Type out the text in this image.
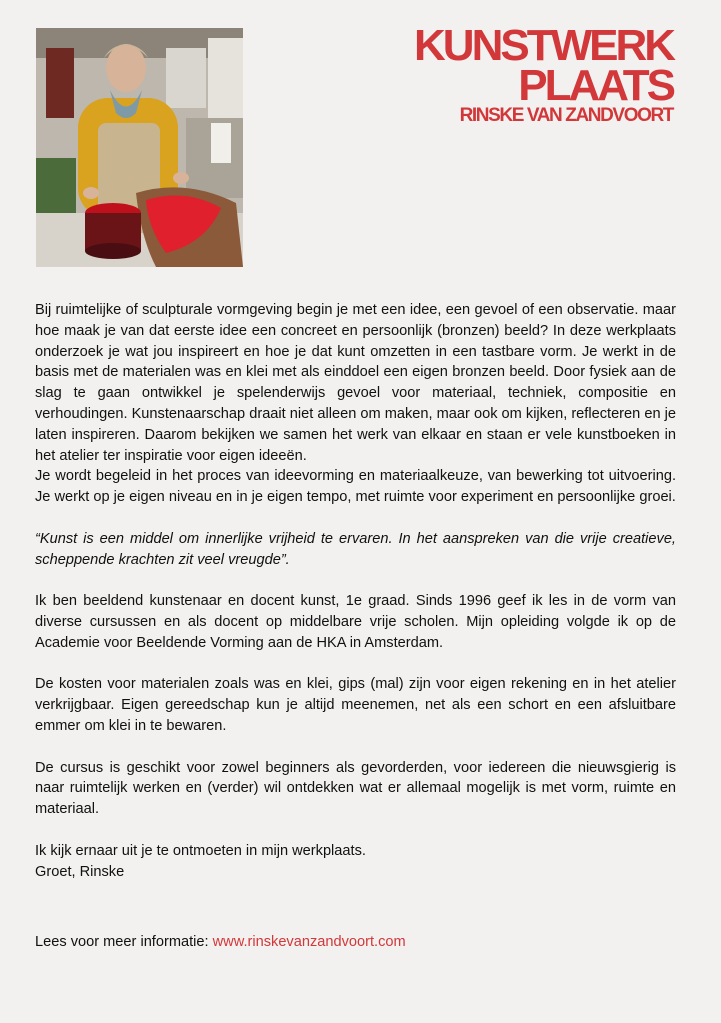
KUNSTWERK
PLAATS
RINSKE VAN ZANDVOORT

Bij ruimtelijke of sculpturale vormgeving begin je met een idee, een gevoel of een observatie. maar hoe maak je van dat eerste idee een concreet en persoonlijk (bronzen) beeld? In deze werkplaats onderzoek je wat jou inspireert en hoe je dat kunt omzetten in een tastbare vorm. Je werkt in de basis met de materialen was en klei met als einddoel een eigen bronzen beeld. Door fysiek aan de slag te gaan ontwikkel je spelenderwijs gevoel voor materiaal, techniek, compositie en verhoudingen. Kunstenaarschap draait niet alleen om maken, maar ook om kijken, reflecteren en je laten inspireren. Daarom bekijken we samen het werk van elkaar en staan er vele kunstboeken in het atelier ter inspiratie voor eigen ideeën.

Je wordt begeleid in het proces van ideevorming en materiaalkeuze, van bewerking tot uitvoering. Je werkt op je eigen niveau en in je eigen tempo, met ruimte voor experiment en persoonlijke groei.

“Kunst is een middel om innerlijke vrijheid te ervaren. In het aanspreken van die vrije creatieve, scheppende krachten zit veel vreugde”.

Ik ben beeldend kunstenaar en docent kunst, 1e graad. Sinds 1996 geef ik les in de vorm van diverse cursussen en als docent op middelbare vrije scholen. Mijn opleiding volgde ik op de Academie voor Beeldende Vorming aan de HKA in Amsterdam.

De kosten voor materialen zoals was en klei, gips (mal) zijn voor eigen rekening en in het atelier verkrijgbaar. Eigen gereedschap kun je altijd meenemen, net als een schort en een afsluitbare emmer om klei in te bewaren.

De cursus is geschikt voor zowel beginners als gevorderden, voor iedereen die nieuwsgierig is naar ruimtelijk werken en (verder) wil ontdekken wat er allemaal mogelijk is met vorm, ruimte en materiaal.

Ik kijk ernaar uit je te ontmoeten in mijn werkplaats.
Groet, Rinske
Lees voor meer informatie: www.rinskevanzandvoort.com
